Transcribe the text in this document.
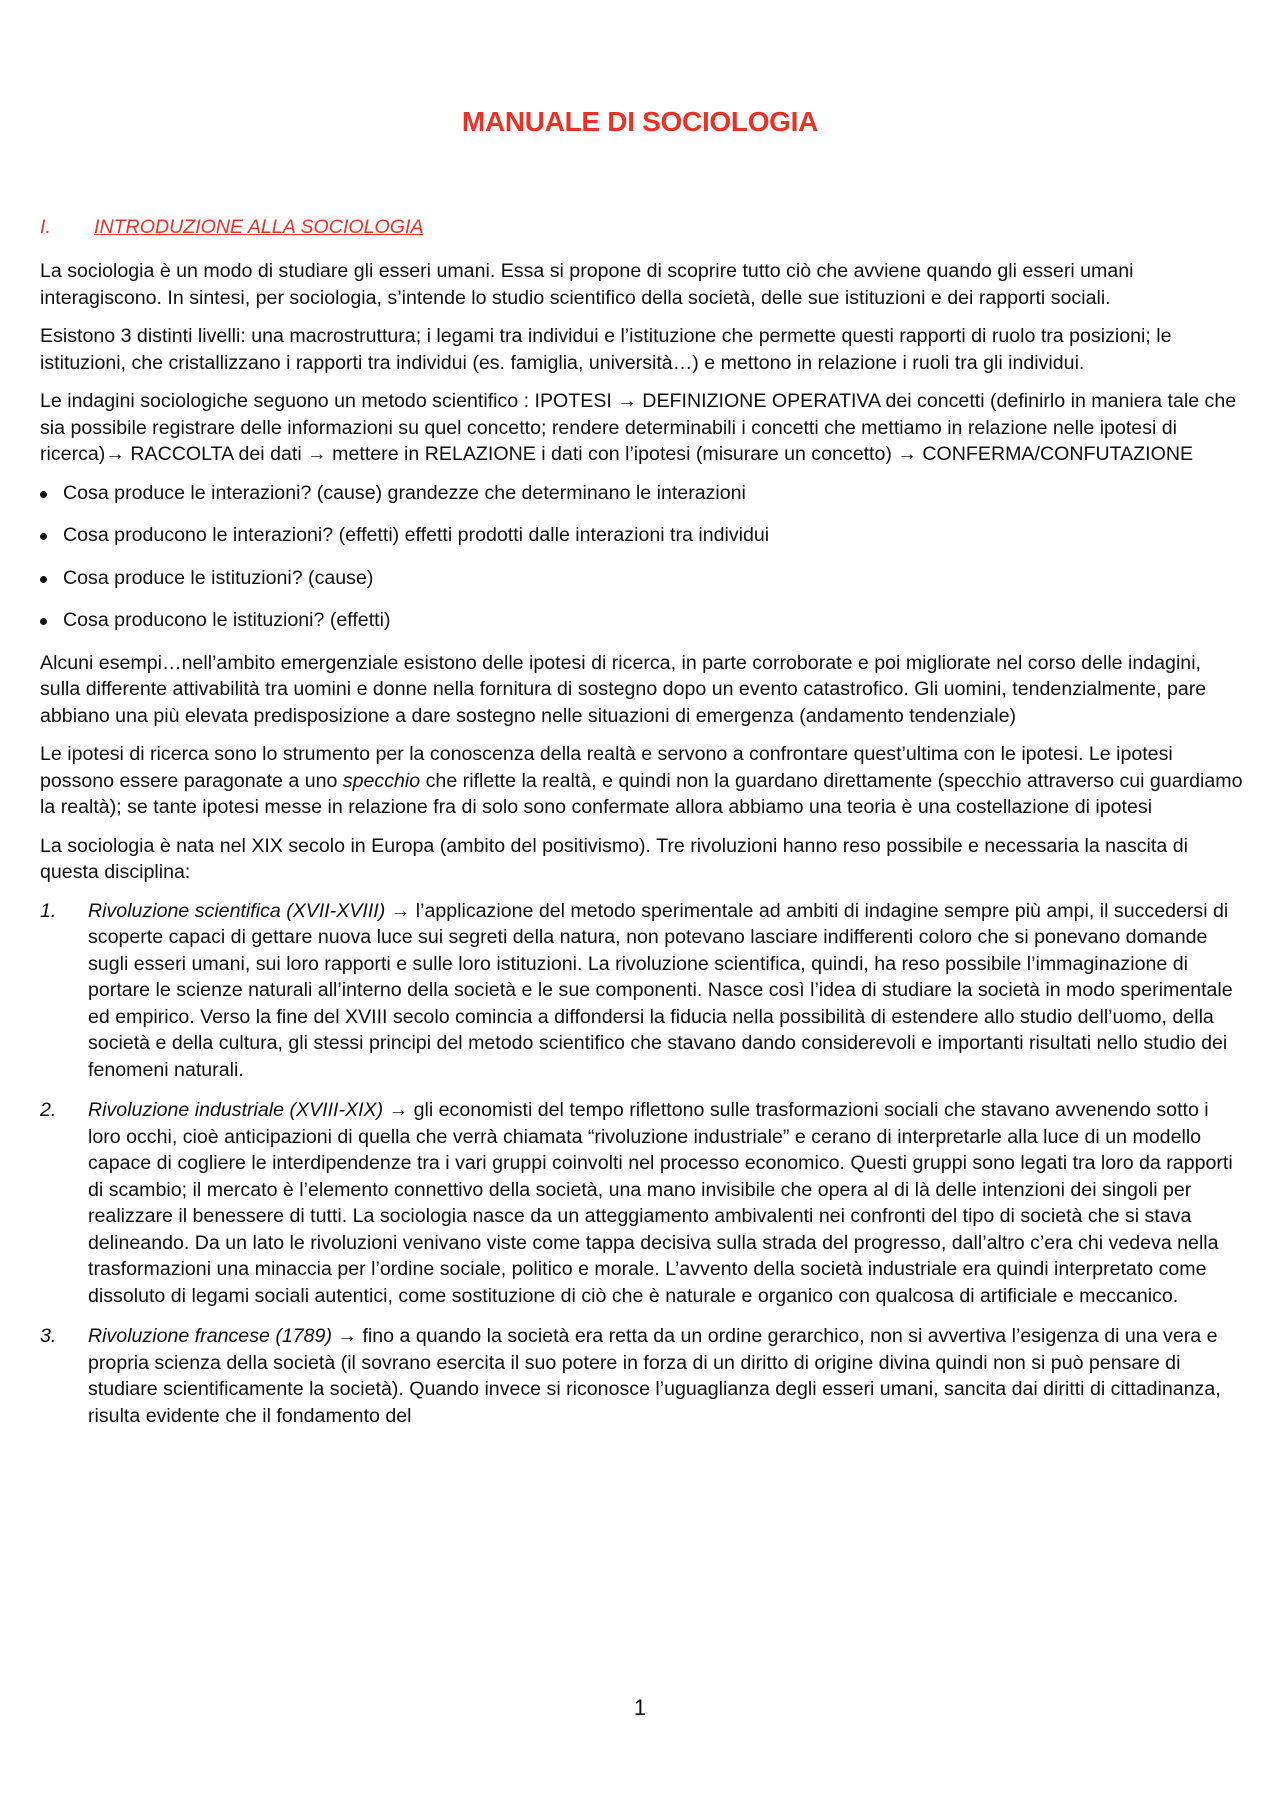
MANUALE DI SOCIOLOGIA
I. INTRODUZIONE ALLA SOCIOLOGIA

La sociologia è un modo di studiare gli esseri umani. Essa si propone di scoprire tutto ciò che avviene quando gli esseri umani interagiscono. In sintesi, per sociologia, s’intende lo studio scientifico della società, delle sue istituzioni e dei rapporti sociali.

Esistono 3 distinti livelli: una macrostruttura; i legami tra individui e l’istituzione che permette questi rapporti di ruolo tra posizioni; le istituzioni, che cristallizzano i rapporti tra individui (es. famiglia, università…) e mettono in relazione i ruoli tra gli individui.

Le indagini sociologiche seguono un metodo scientifico : IPOTESI → DEFINIZIONE OPERATIVA dei concetti (definirlo in maniera tale che sia possibile registrare delle informazioni su quel concetto; rendere determinabili i concetti che mettiamo in relazione nelle ipotesi di ricerca)→ RACCOLTA dei dati → mettere in RELAZIONE i dati con l’ipotesi (misurare un concetto) → CONFERMA/CONFUTAZIONE

Cosa produce le interazioni? (cause) grandezze che determinano le interazioni
Cosa producono le interazioni? (effetti) effetti prodotti dalle interazioni tra individui
Cosa produce le istituzioni? (cause)
Cosa producono le istituzioni? (effetti)

Alcuni esempi…nell’ambito emergenziale esistono delle ipotesi di ricerca, in parte corroborate e poi migliorate nel corso delle indagini, sulla differente attivabilità tra uomini e donne nella fornitura di sostegno dopo un evento catastrofico. Gli uomini, tendenzialmente, pare abbiano una più elevata predisposizione a dare sostegno nelle situazioni di emergenza (andamento tendenziale)

Le ipotesi di ricerca sono lo strumento per la conoscenza della realtà e servono a confrontare quest’ultima con le ipotesi. Le ipotesi possono essere paragonate a uno specchio che riflette la realtà, e quindi non la guardano direttamente (specchio attraverso cui guardiamo la realtà); se tante ipotesi messe in relazione fra di solo sono confermate allora abbiamo una teoria è una costellazione di ipotesi

La sociologia è nata nel XIX secolo in Europa (ambito del positivismo). Tre rivoluzioni hanno reso possibile e necessaria la nascita di questa disciplina:

1. Rivoluzione scientifica (XVII-XVIII) → l’applicazione del metodo sperimentale ad ambiti di indagine sempre più ampi, il succedersi di scoperte capaci di gettare nuova luce sui segreti della natura, non potevano lasciare indifferenti coloro che si ponevano domande sugli esseri umani, sui loro rapporti e sulle loro istituzioni. La rivoluzione scientifica, quindi, ha reso possibile l’immaginazione di portare le scienze naturali all’interno della società e le sue componenti. Nasce così l’idea di studiare la società in modo sperimentale ed empirico. Verso la fine del XVIII secolo comincia a diffondersi la fiducia nella possibilità di estendere allo studio dell’uomo, della società e della cultura, gli stessi principi del metodo scientifico che stavano dando considerevoli e importanti risultati nello studio dei fenomeni naturali.
2. Rivoluzione industriale (XVIII-XIX) → gli economisti del tempo riflettono sulle trasformazioni sociali che stavano avvenendo sotto i loro occhi, cioè anticipazioni di quella che verrà chiamata “rivoluzione industriale” e cerano di interpretarle alla luce di un modello capace di cogliere le interdipendenze tra i vari gruppi coinvolti nel processo economico. Questi gruppi sono legati tra loro da rapporti di scambio; il mercato è l’elemento connettivo della società, una mano invisibile che opera al di là delle intenzioni dei singoli per realizzare il benessere di tutti. La sociologia nasce da un atteggiamento ambivalenti nei confronti del tipo di società che si stava delineando. Da un lato le rivoluzioni venivano viste come tappa decisiva sulla strada del progresso, dall’altro c’era chi vedeva nella trasformazioni una minaccia per l’ordine sociale, politico e morale. L’avvento della società industriale era quindi interpretato come dissoluto di legami sociali autentici, come sostituzione di ciò che è naturale e organico con qualcosa di artificiale e meccanico.
3. Rivoluzione francese (1789) → fino a quando la società era retta da un ordine gerarchico, non si avvertiva l’esigenza di una vera e propria scienza della società (il sovrano esercita il suo potere in forza di un diritto di origine divina quindi non si può pensare di studiare scientificamente la società). Quando invece si riconosce l’uguaglianza degli esseri umani, sancita dai diritti di cittadinanza, risulta evidente che il fondamento del
1
